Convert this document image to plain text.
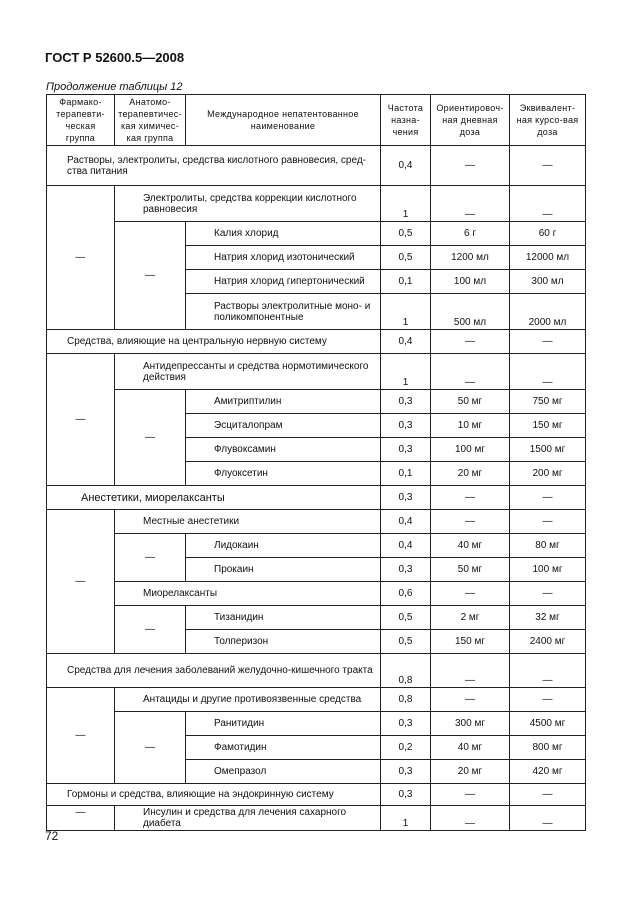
ГОСТ Р 52600.5—2008
Продолжение таблицы 12
Фармако-терапевти-ческая группа	Анатомо-терапевтичес-кая химичес-кая группа	Международное непатентованное наименование	Частота назна-чения	Ориентировоч-ная дневная доза	Эквивалент-ная курсо-вая доза
Растворы, электролиты, средства кислотного равновесия, сред-ства питания			0,4	—	—
—	Электролиты, средства коррекции кислотного равновесия		1	—	—
	—	Калия хлорид	0,5	6 г	60 г
		Натрия хлорид изотонический	0,5	1200 мл	12000 мл
		Натрия хлорид гипертонический	0,1	100 мл	300 мл
		Растворы электролитные моно- и поликомпонентные	1	500 мл	2000 мл
Средства, влияющие на центральную нервную систему			0,4	—	—
—	Антидепрессанты и средства нормотимического действия		1	—	—
	—	Амитриптилин	0,3	50 мг	750 мг
		Эсциталопрам	0,3	10 мг	150 мг
		Флувоксамин	0,3	100 мг	1500 мг
		Флуоксетин	0,1	20 мг	200 мг
Анестетики, миорелаксанты			0,3	—	—
—	Местные анестетики		0,4	—	—
	—	Лидокаин	0,4	40 мг	80 мг
		Прокаин	0,3	50 мг	100 мг
	Миорелаксанты		0,6	—	—
	—	Тизанидин	0,5	2 мг	32 мг
		Толперизон	0,5	150 мг	2400 мг
Средства для лечения заболеваний желудочно-кишечного тракта			0,8	—	—
—	Антациды и другие противоязвенные средства		0,8	—	—
	—	Ранитидин	0,3	300 мг	4500 мг
		Фамотидин	0,2	40 мг	800 мг
		Омепразол	0,3	20 мг	420 мг
Гормоны и средства, влияющие на эндокринную систему			0,3	—	—
—	Инсулин и средства для лечения сахарного диабета		1	—	—
72
